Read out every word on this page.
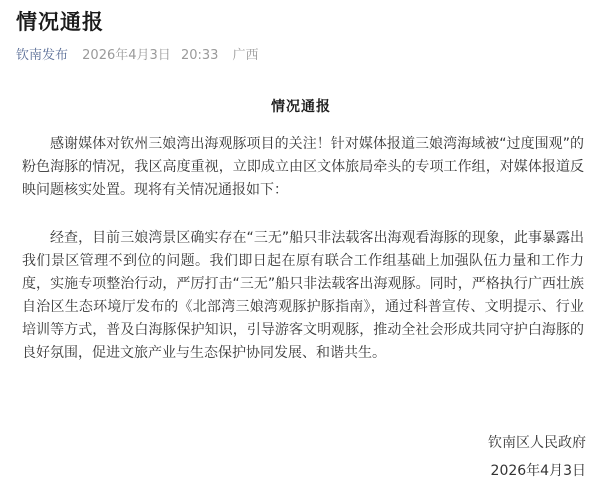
情况通报
钦南发布 2026年4月3日 20:33 广西
情况通报

感谢媒体对钦州三娘湾出海观豚项目的关注！针对媒体报道三娘湾海域被“过度围观”的粉色海豚的情况，我区高度重视，立即成立由区文体旅局牵头的专项工作组，对媒体报道反映问题核实处置。现将有关情况通报如下：

经查，目前三娘湾景区确实存在“三无”船只非法载客出海观看海豚的现象，此事暴露出我们景区管理不到位的问题。我们即日起在原有联合工作组基础上加强队伍力量和工作力度，实施专项整治行动，严厉打击“三无”船只非法载客出海观豚。同时，严格执行广西壮族自治区生态环境厅发布的《北部湾三娘湾观豚护豚指南》，通过科普宣传、文明提示、行业培训等方式，普及白海豚保护知识，引导游客文明观豚，推动全社会形成共同守护白海豚的良好氛围，促进文旅产业与生态保护协同发展、和谐共生。

钦南区人民政府
2026年4月3日
